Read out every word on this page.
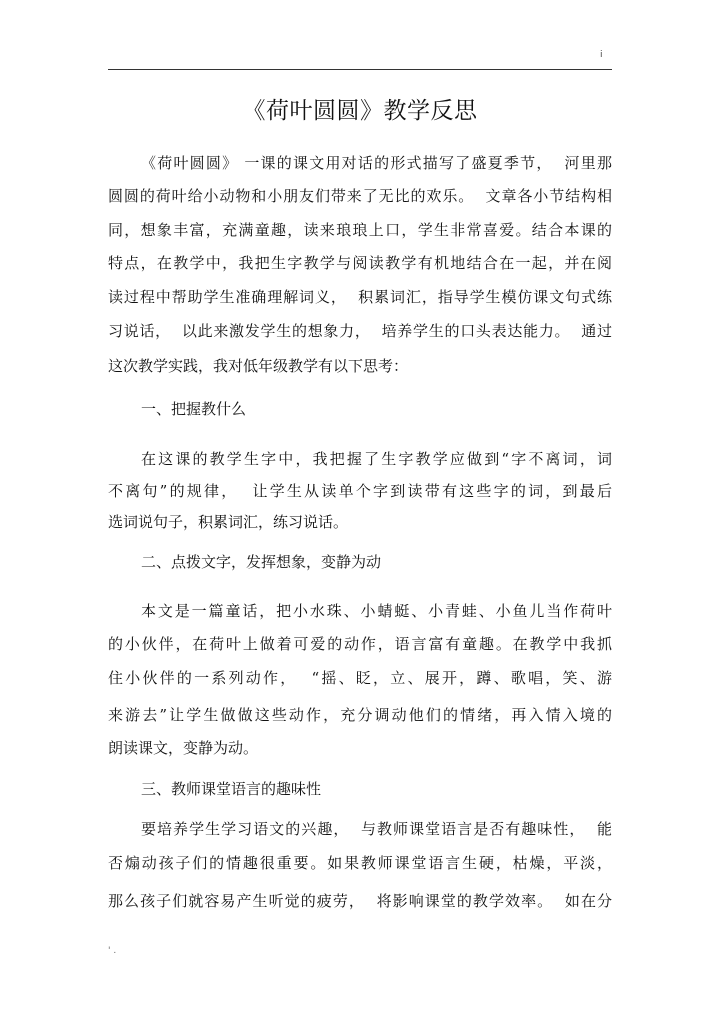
i
《荷叶圆圆》教学反思
《荷叶圆圆》 一课的课文用对话的形式描写了盛夏季节，  河里那
圆圆的荷叶给小动物和小朋友们带来了无比的欢乐。  文章各小节结构相
同，想象丰富，充满童趣，读来琅琅上口，学生非常喜爱。结合本课的
特点，在教学中，我把生字教学与阅读教学有机地结合在一起，并在阅
读过程中帮助学生准确理解词义，  积累词汇，指导学生模仿课文句式练
习说话，  以此来激发学生的想象力，  培养学生的口头表达能力。  通过
这次教学实践，我对低年级教学有以下思考：
一、把握教什么
在这课的教学生字中，我把握了生字教学应做到“字不离词，词
不离句”的规律，  让学生从读单个字到读带有这些字的词，到最后
选词说句子，积累词汇，练习说话。
二、点拨文字，发挥想象，变静为动
本文是一篇童话，把小水珠、小蜻蜓、小青蛙、小鱼儿当作荷叶
的小伙伴，在荷叶上做着可爱的动作，语言富有童趣。在教学中我抓
住小伙伴的一系列动作，  “摇、眨，立、展开，蹲、歌唱，笑、游
来游去”让学生做做这些动作，充分调动他们的情绪，再入情入境的
朗读课文，变静为动。
三、教师课堂语言的趣味性
要培养学生学习语文的兴趣，  与教师课堂语言是否有趣味性，  能
否煽动孩子们的情趣很重要。如果教师课堂语言生硬，枯燥，平淡，
那么孩子们就容易产生听觉的疲劳，  将影响课堂的教学效率。  如在分
' .
